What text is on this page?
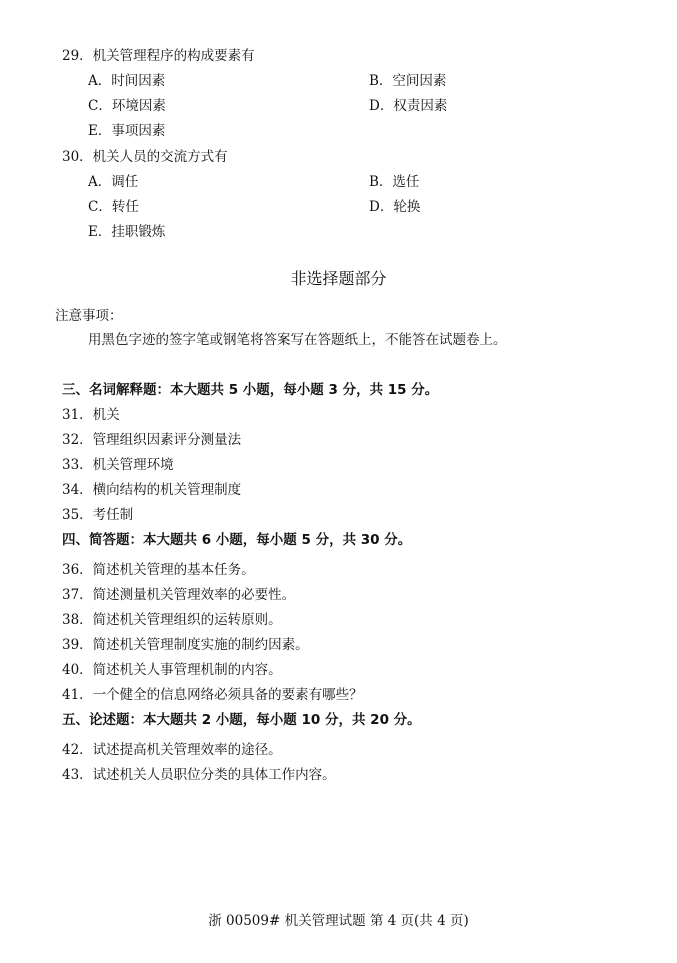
29．机关管理程序的构成要素有
A．时间因素	B．空间因素
C．环境因素	D．权责因素
E．事项因素
30．机关人员的交流方式有
A．调任	B．选任
C．转任	D．轮换
E．挂职锻炼
非选择题部分
注意事项：
用黑色字迹的签字笔或钢笔将答案写在答题纸上，不能答在试题卷上。
三、名词解释题：本大题共 5 小题，每小题 3 分，共 15 分。
31．机关
32．管理组织因素评分测量法
33．机关管理环境
34．横向结构的机关管理制度
35．考任制
四、简答题：本大题共 6 小题，每小题 5 分，共 30 分。
36．简述机关管理的基本任务。
37．简述测量机关管理效率的必要性。
38．简述机关管理组织的运转原则。
39．简述机关管理制度实施的制约因素。
40．简述机关人事管理机制的内容。
41．一个健全的信息网络必须具备的要素有哪些？
五、论述题：本大题共 2 小题，每小题 10 分，共 20 分。
42．试述提高机关管理效率的途径。
43．试述机关人员职位分类的具体工作内容。
浙 00509# 机关管理试题 第 4 页(共 4 页)
